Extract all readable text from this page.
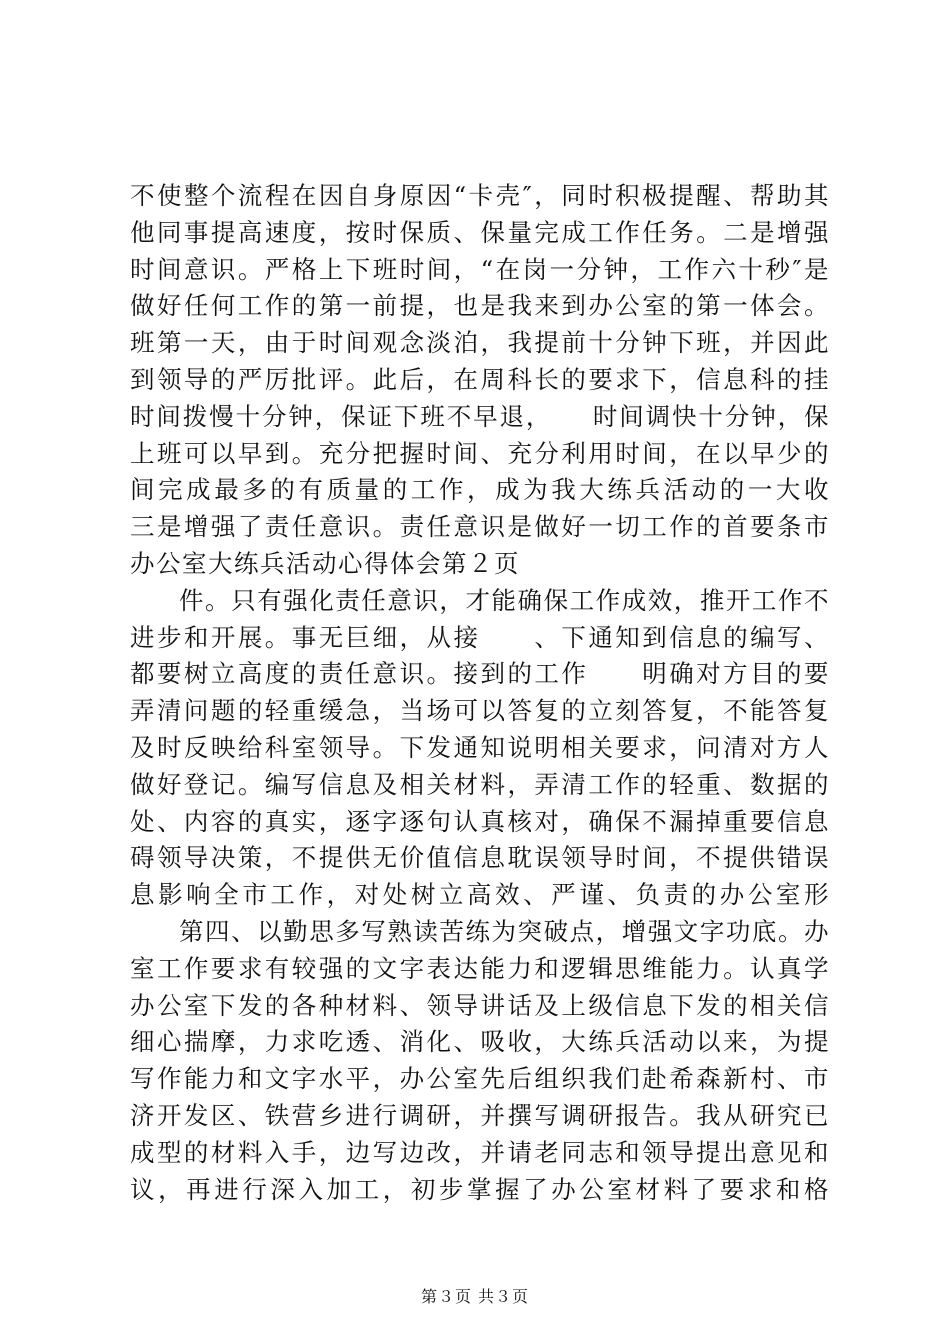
不使整个流程在因自身原因“卡壳″，同时积极提醒、帮助其
他同事提高速度，按时保质、保量完成工作任务。二是增强
时间意识。严格上下班时间，“在岗一分钟，工作六十秒″是
做好任何工作的第一前提，也是我来到办公室的第一体会。
班第一天，由于时间观念淡泊，我提前十分钟下班，并因此
到领导的严厉批评。此后，在周科长的要求下，信息科的挂
时间拨慢十分钟，保证下班不早退，　　时间调快十分钟，保
上班可以早到。充分把握时间、充分利用时间，在以早少的
间完成最多的有质量的工作，成为我大练兵活动的一大收
三是增强了责任意识。责任意识是做好一切工作的首要条市
办公室大练兵活动心得体会第２页
件。只有强化责任意识，才能确保工作成效，推开工作不
进步和开展。事无巨细，从接　　、下通知到信息的编写、
都要树立高度的责任意识。接到的工作　　明确对方目的要
弄清问题的轻重缓急，当场可以答复的立刻答复，不能答复
及时反映给科室领导。下发通知说明相关要求，问清对方人
做好登记。编写信息及相关材料，弄清工作的轻重、数据的
处、内容的真实，逐字逐句认真核对，确保不漏掉重要信息
碍领导决策，不提供无价值信息耽误领导时间，不提供错误
息影响全市工作，对处树立高效、严谨、负责的办公室形
第四、以勤思多写熟读苦练为突破点，增强文字功底。办
室工作要求有较强的文字表达能力和逻辑思维能力。认真学
办公室下发的各种材料、领导讲话及上级信息下发的相关信
细心揣摩，力求吃透、消化、吸收，大练兵活动以来，为提
写作能力和文字水平，办公室先后组织我们赴希森新村、市
济开发区、铁营乡进行调研，并撰写调研报告。我从研究已
成型的材料入手，边写边改，并请老同志和领导提出意见和
议，再进行深入加工，初步掌握了办公室材料了要求和格
第３页 共３页
